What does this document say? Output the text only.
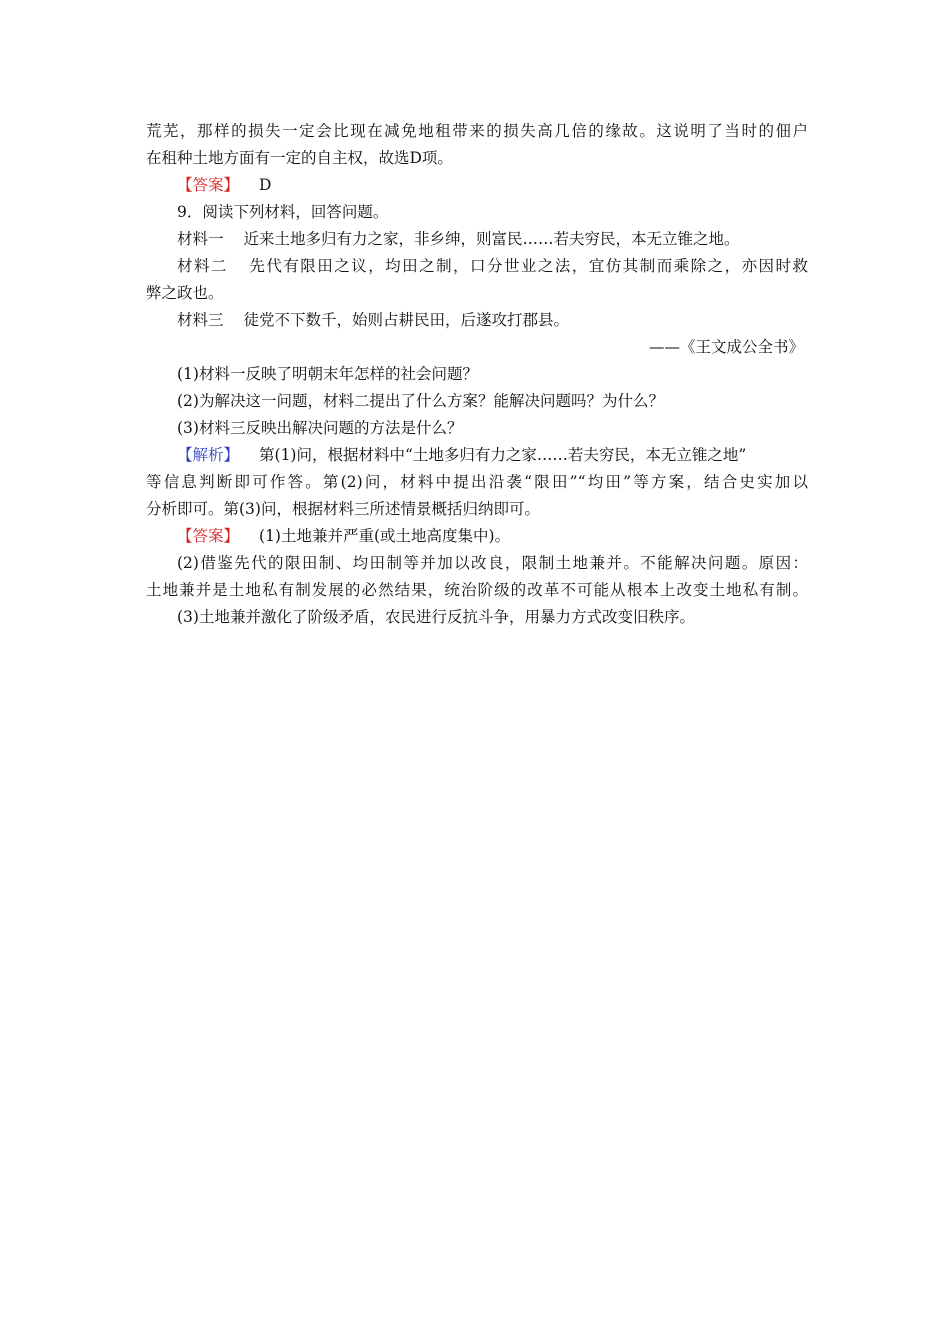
荒芜，那样的损失一定会比现在减免地租带来的损失高几倍的缘故。这说明了当时的佃户
在租种土地方面有一定的自主权，故选D项。
【答案】 D
9．阅读下列材料，回答问题。
材料一 近来土地多归有力之家，非乡绅，则富民……若夫穷民，本无立锥之地。
材料二 先代有限田之议，均田之制，口分世业之法，宜仿其制而乘除之，亦因时救
弊之政也。
材料三 徒党不下数千，始则占耕民田，后遂攻打郡县。
——《王文成公全书》
(1)材料一反映了明朝末年怎样的社会问题？
(2)为解决这一问题，材料二提出了什么方案？能解决问题吗？为什么？
(3)材料三反映出解决问题的方法是什么？
【解析】 第(1)问，根据材料中“土地多归有力之家……若夫穷民，本无立锥之地”
等信息判断即可作答。第(2)问，材料中提出沿袭“限田”“均田”等方案，结合史实加以
分析即可。第(3)问，根据材料三所述情景概括归纳即可。
【答案】 (1)土地兼并严重(或土地高度集中)。
(2)借鉴先代的限田制、均田制等并加以改良，限制土地兼并。不能解决问题。原因：
土地兼并是土地私有制发展的必然结果，统治阶级的改革不可能从根本上改变土地私有制。
(3)土地兼并激化了阶级矛盾，农民进行反抗斗争，用暴力方式改变旧秩序。
